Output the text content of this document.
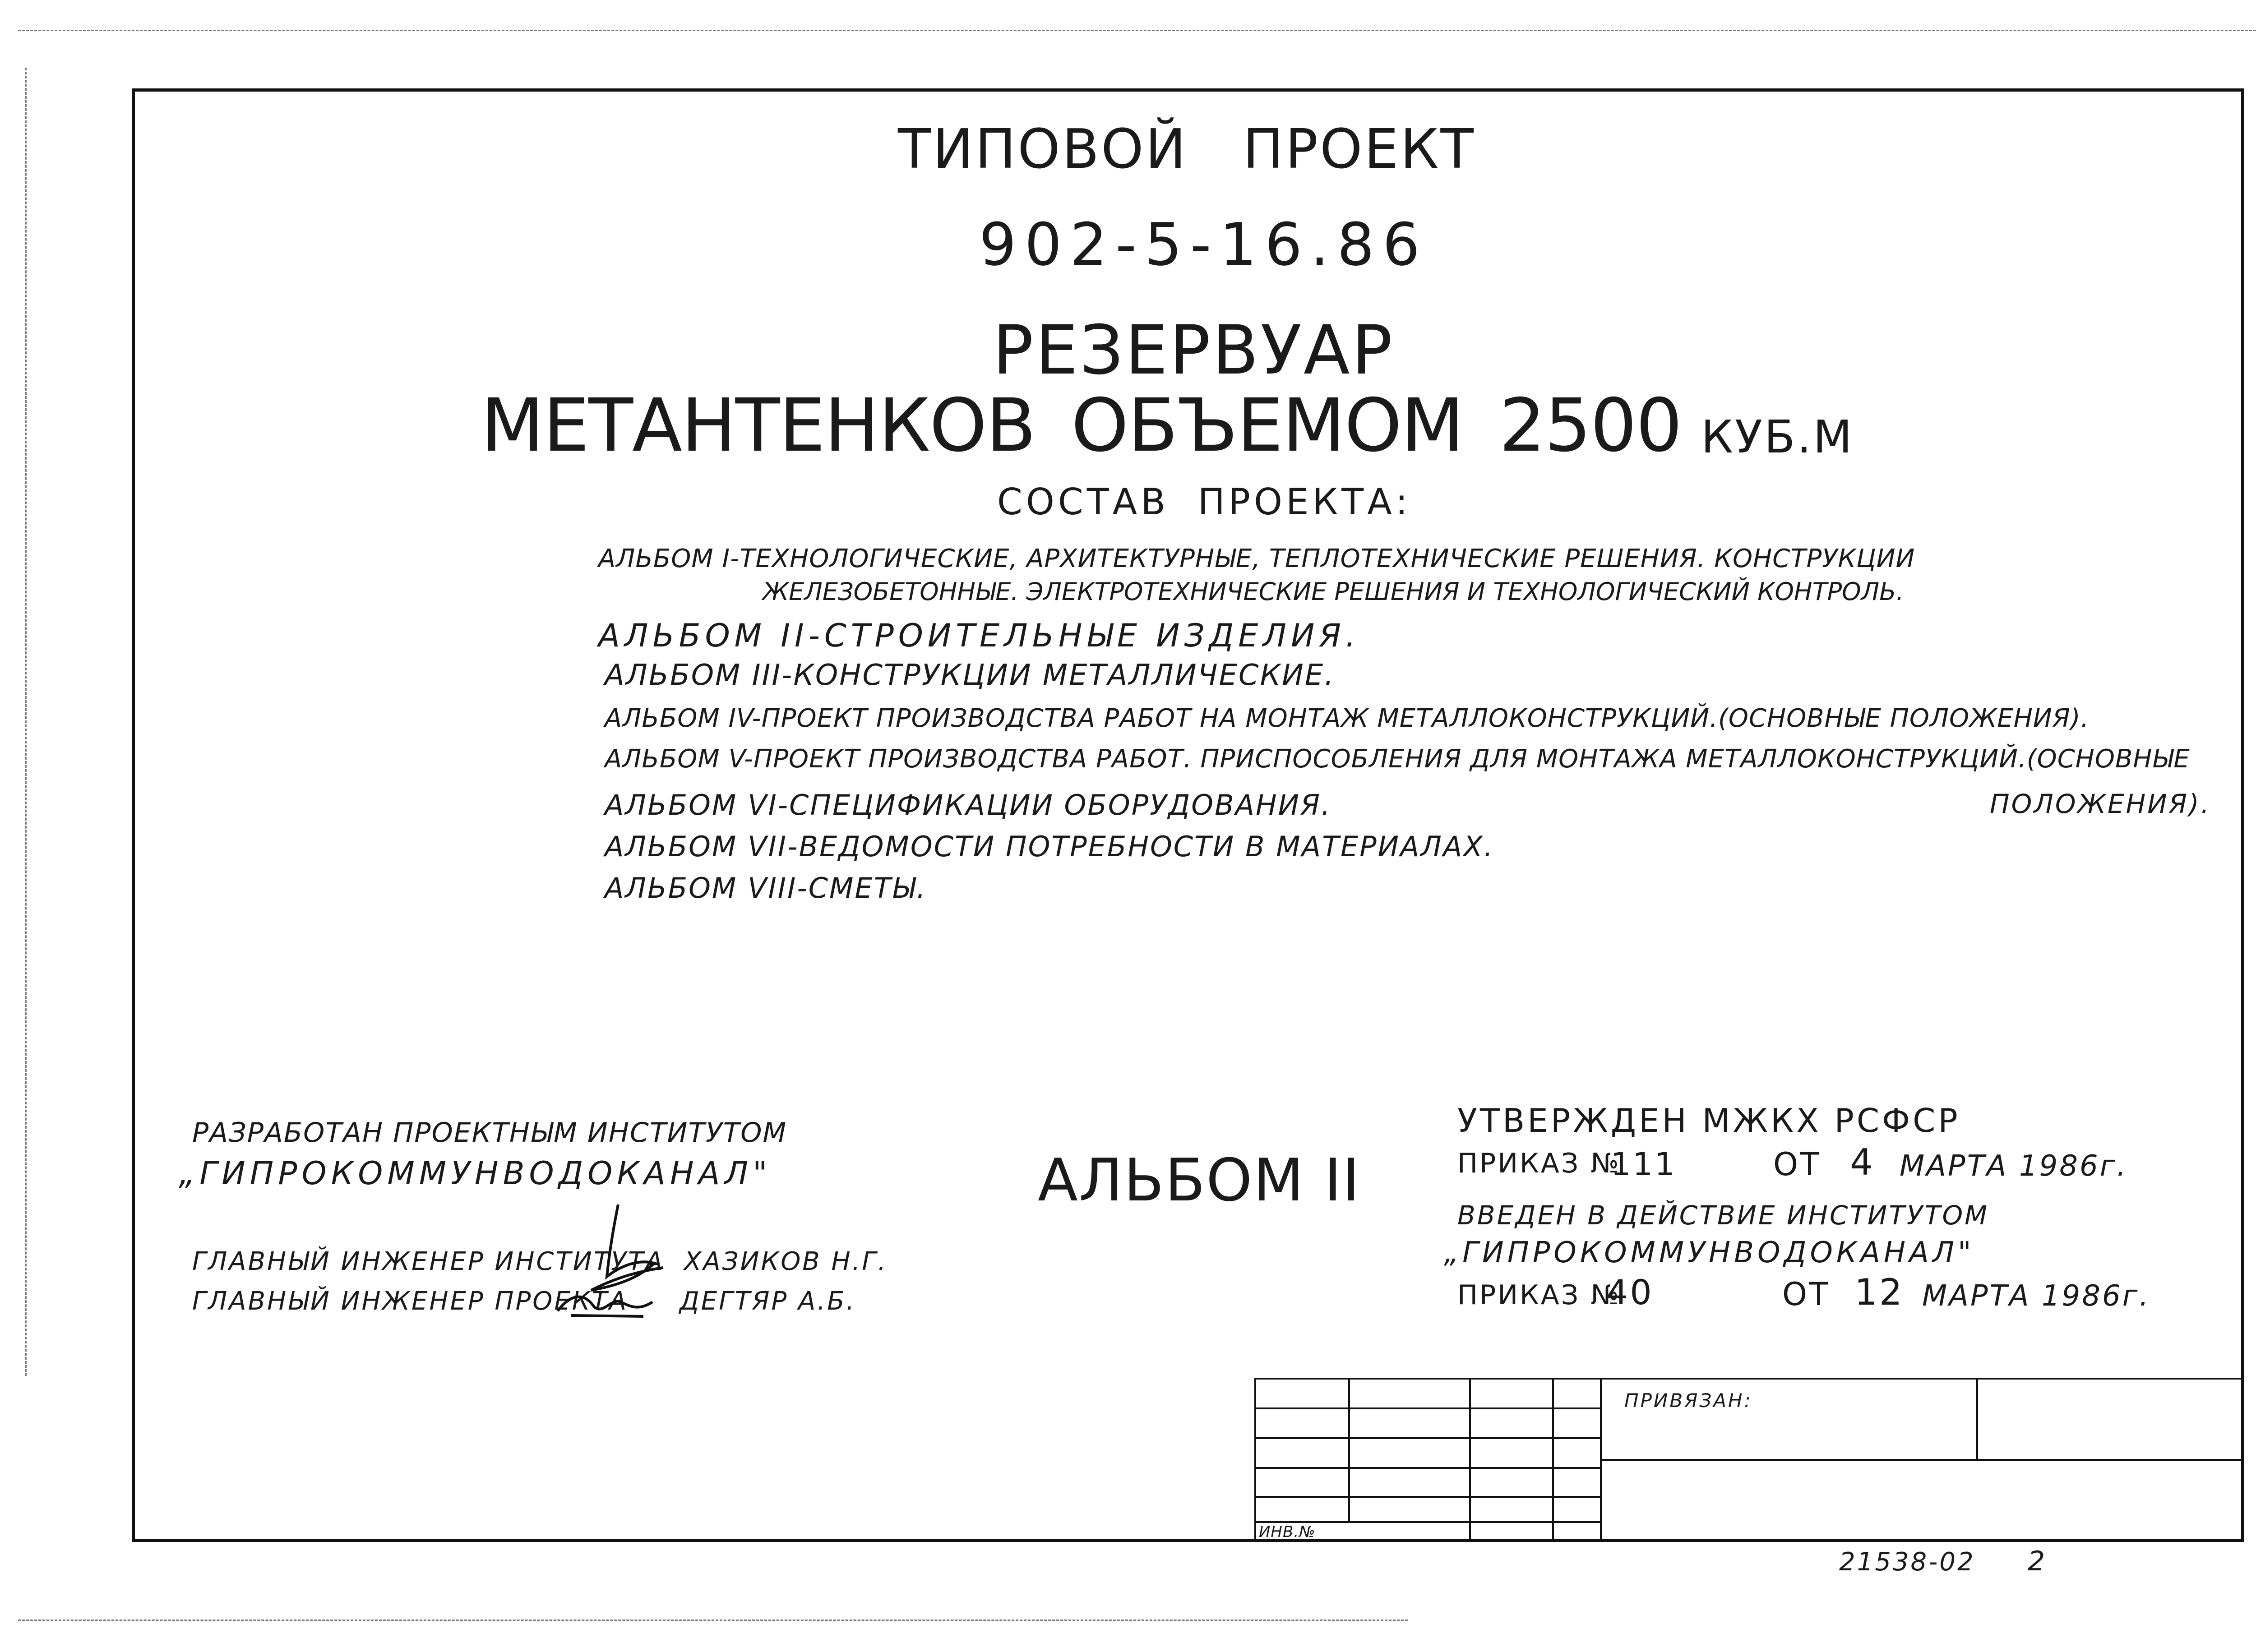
ТИПОВОЙ ПРОЕКТ
902-5-16.86
РЕЗЕРВУАР
МЕТАНТЕНКОВ ОБЪЕМОМ 2500 КУБ.М
СОСТАВ ПРОЕКТА:
АЛЬБОМ I-ТЕХНОЛОГИЧЕСКИЕ, АРХИТЕКТУРНЫЕ, ТЕПЛОТЕХНИЧЕСКИЕ РЕШЕНИЯ. КОНСТРУКЦИИ
ЖЕЛЕЗОБЕТОННЫЕ. ЭЛЕКТРОТЕХНИЧЕСКИЕ РЕШЕНИЯ И ТЕХНОЛОГИЧЕСКИЙ КОНТРОЛЬ.
АЛЬБОМ II-СТРОИТЕЛЬНЫЕ ИЗДЕЛИЯ.
АЛЬБОМ III-КОНСТРУКЦИИ МЕТАЛЛИЧЕСКИЕ.
АЛЬБОМ IV-ПРОЕКТ ПРОИЗВОДСТВА РАБОТ НА МОНТАЖ МЕТАЛЛОКОНСТРУКЦИЙ.(ОСНОВНЫЕ ПОЛОЖЕНИЯ).
АЛЬБОМ V-ПРОЕКТ ПРОИЗВОДСТВА РАБОТ. ПРИСПОСОБЛЕНИЯ ДЛЯ МОНТАЖА МЕТАЛЛОКОНСТРУКЦИЙ.(ОСНОВНЫЕ
ПОЛОЖЕНИЯ).
АЛЬБОМ VI-СПЕЦИФИКАЦИИ ОБОРУДОВАНИЯ.
АЛЬБОМ VII-ВЕДОМОСТИ ПОТРЕБНОСТИ В МАТЕРИАЛАХ.
АЛЬБОМ VIII-СМЕТЫ.
РАЗРАБОТАН ПРОЕКТНЫМ ИНСТИТУТОМ
„ГИПРОКОММУНВОДОКАНАЛ"
ГЛАВНЫЙ ИНЖЕНЕР ИНСТИТУТА ХАЗИКОВ Н.Г.
ГЛАВНЫЙ ИНЖЕНЕР ПРОЕКТА ДЕГТЯР А.Б.
АЛЬБОМ II
УТВЕРЖДЕН МЖКХ РСФСР
ПРИКАЗ №
111	ОТ 4 МАРТА 1986г.
ВВЕДЕН В ДЕЙСТВИЕ ИНСТИТУТОМ
„ГИПРОКОММУНВОДОКАНАЛ"
ПРИКАЗ №
40	ОТ 12 МАРТА 1986г.
ПРИВЯЗАН:
ИНВ.№
21538-02 2
